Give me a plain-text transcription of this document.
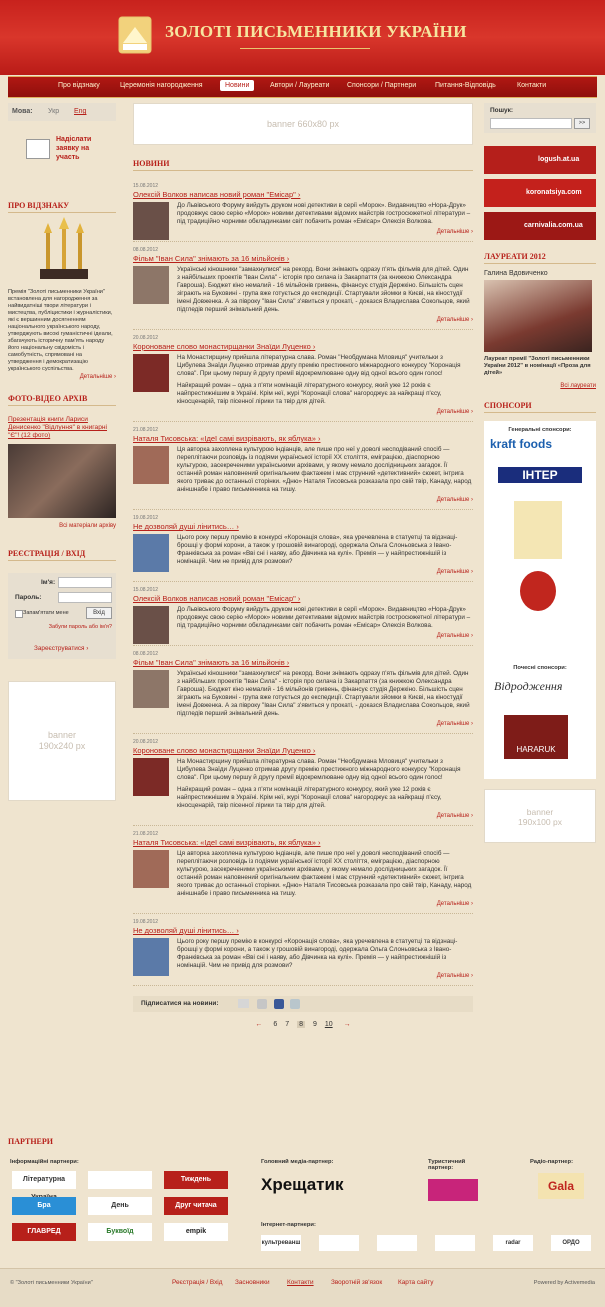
ЗОЛОТІ ПИСЬМЕННИКИ УКРАЇНИ
Про відзнаку	Церемонія нагородження	Новини	Автори / Лауреати	Спонсори / Партнери	Питання-Відповідь	Контакти
Мова: Укр Eng
Надіслати заявку на участь
ПРО ВІДЗНАКУ
Премія "Золоті письменники України" встановлена для нагородження за найвидатніші твори літератури і мистецтва, публіцистики і журналістики, які є вершинним досягненням національного українського народу, утверджують високі гуманістичні ідеали, збагачують історичну пам'ять народу його національну свідомість і самобутність, спрямовані на утвердження і демократизацію українського суспільства.
Детальніше ›
ФОТО-ВІДЕО АРХІВ
Презентація книги Лариси Денисенко "Відлуння" в книгарні "Є"! (12 фото)
Всі матеріали архіву
РЕЄСТРАЦІЯ / ВХІД
Ім'я:
Пароль:
Запам'ятати мене	Вхід
Забули пароль або ім'я?
Зареєструватися ›
banner 190x240 px
banner 660x80 px
НОВИНИ
15.08.2012
Олексій Волков написав новий роман "Емісар" ›
До Львівського Форуму вийдуть друком нові детективи в серії «Морок». Видавництво «Нора-Друк» продовжує свою серію «Морок» новими детективами відомих майстрів гостросюжетної літератури – під традиційно чорними обкладинками світ побачить роман «Емісар» Олексія Волкова.
Детальніше ›
08.08.2012
Фільм "Іван Сила" знімають за 16 мільйонів ›
Українські кіношники "замахнулися" на рекорд. Вони знімають одразу п'ять фільмів для дітей. Один з найбільших проектів "Іван Сила" - історія про силача із Закарпаття (за книжкою Олександра Гавроша). Бюджет кіно немалий - 16 мільйонів гривень, фінансує студія Держкіно. Більшість сцен зіграють на Буковині - група вже готується до експедиції. Стартували зйомки в Києві, на кіностудії імені Довженка. А за півроку "Іван Сила" з'явиться у прокаті, - доказся Владислава Сокольцов, який підгледів перший знімальний день.
Детальніше ›
20.08.2012
Короноване слово монастирщанки Знаїди Луценко ›
На Монастирщину прийшла літературна слава. Роман "Необдумана Мловиця" учительки з Цибулева Знаїди Луценко отримав другу премію престижного міжнародного конкурсу "Коронація слова". При цьому першу й другу премії відокремлюване одну від одної всього один голос!
Найкращий роман – одна з п'яти номінацій літературного конкурсу, який уже 12 років є найпрестижнішим в Україні. Крім неї, журі "Коронації слова" нагороджує за найкращі п'єсу, кіносценарій, твір пісенної лірики та твір для дітей.
Детальніше ›
21.08.2012
Наталя Тисовська: «Ідеї самі визрівають, як яблука» ›
Ця авторка захоплена культурою індіанців, але пише про неї у доволі несподіваний спосіб — переплітаючи розповідь із подіями української історії ХХ століття, еміграцією, діаспорною культурою, засекреченими українськими архівами, у якому немало дослідницьких загадок. Її останній роман наповнений оригінальним фактажем і має струнний «детективний» сюжет, інтрига якого триває до останньої сторінки. «Дню» Наталя Тисовська розказала про свій твір, Канаду, народ аніншнабе і право письменника на тишу.
Детальніше ›
19.08.2012
Не дозволяй душі лінитись… ›
Цього року першу премію в конкурсі «Коронація слова», яка уречевлена в статуетці та відзнаці-брошці у формі корони, а також у грошовій винагороді, одержала Ольга Слоньовська з Івано-Франківська за роман «Вві сні і наяву, або Дівчинка на кулі». Премія — у найпрестижнішій із номінацій. Чим не привід для розмови?
Детальніше ›
15.08.2012
Олексій Волков написав новий роман "Емісар" ›
До Львівського Форуму вийдуть друком нові детективи в серії «Морок». Видавництво «Нора-Друк» продовжує свою серію «Морок» новими детективами відомих майстрів гостросюжетної літератури – під традиційно чорними обкладинками світ побачить роман «Емісар» Олексія Волкова.
Детальніше ›
08.08.2012
Фільм "Іван Сила" знімають за 16 мільйонів ›
Українські кіношники "замахнулися" на рекорд. Вони знімають одразу п'ять фільмів для дітей. Один з найбільших проектів "Іван Сила" - історія про силача із Закарпаття (за книжкою Олександра Гавроша). Бюджет кіно немалий - 16 мільйонів гривень, фінансує студія Держкіно. Більшість сцен зіграють на Буковині - група вже готується до експедиції. Стартували зйомки в Києві, на кіностудії імені Довженка. А за півроку "Іван Сила" з'явиться у прокаті, - доказся Владислава Сокольцов, який підгледів перший знімальний день.
Детальніше ›
20.08.2012
Короноване слово монастирщанки Знаїди Луценко ›
На Монастирщину прийшла літературна слава. Роман "Необдумана Мловиця" учительки з Цибулева Знаїди Луценко отримав другу премію престижного міжнародного конкурсу "Коронація слова". При цьому першу й другу премії відокремлюване одну від одної всього один голос!
Найкращий роман – одна з п'яти номінацій літературного конкурсу, який уже 12 років є найпрестижнішим в Україні. Крім неї, журі "Коронації слова" нагороджує за найкращі п'єсу, кіносценарій, твір пісенної лірики та твір для дітей.
Детальніше ›
21.08.2012
Наталя Тисовська: «Ідеї самі визрівають, як яблука» ›
Ця авторка захоплена культурою індіанців, але пише про неї у доволі несподіваний спосіб — переплітаючи розповідь із подіями української історії ХХ століття, еміграцією, діаспорною культурою, засекреченими українськими архівами, у якому немало дослідницьких загадок. Її останній роман наповнений оригінальним фактажем і має струнний «детективний» сюжет, інтрига якого триває до останньої сторінки. «Дню» Наталя Тисовська розказала про свій твір, Канаду, народ аніншнабе і право письменника на тишу.
Детальніше ›
19.08.2012
Не дозволяй душі лінитись… ›
Цього року першу премію в конкурсі «Коронація слова», яка уречевлена в статуетці та відзнаці-брошці у формі корони, а також у грошовій винагороді, одержала Ольга Слоньовська з Івано-Франківська за роман «Вві сні і наяву, або Дівчинка на кулі». Премія — у найпрестижнішій із номінацій. Чим не привід для розмови?
Детальніше ›
Підписатися на новини:
← 6 7 8 9 10 →
Пошук:
>>
logush.at.ua
koronatsiya.com
carnivalia.com.ua
ЛАУРЕАТИ 2012
Галина Вдовиченко
Лауреат премії "Золоті письменники України 2012" в номінації «Проза для дітей»
Всі лауреати
СПОНСОРИ
Генеральні спонсори:
kraft foods
ІНТЕР
Почесні спонсори:
Відродження
HARARUK
banner 190x100 px
ПАРТНЕРИ
Інформаційні партнери:
Літературна	Тиждень
Бра	День	Друг читача
ГЛАВРЕД	Буквоїд	empik
Головний медіа-партнер:
Хрещатик
Туристичний партнер:
Радіо-партнер:
Gala
Інтернет-партнери:
культреванш	radar	ОРДО
© "Золоті письменники України"	Реєстрація / Вхід Засновники	Контакти	Зворотній зв'язок Карта сайту	Powered by Activemedia
